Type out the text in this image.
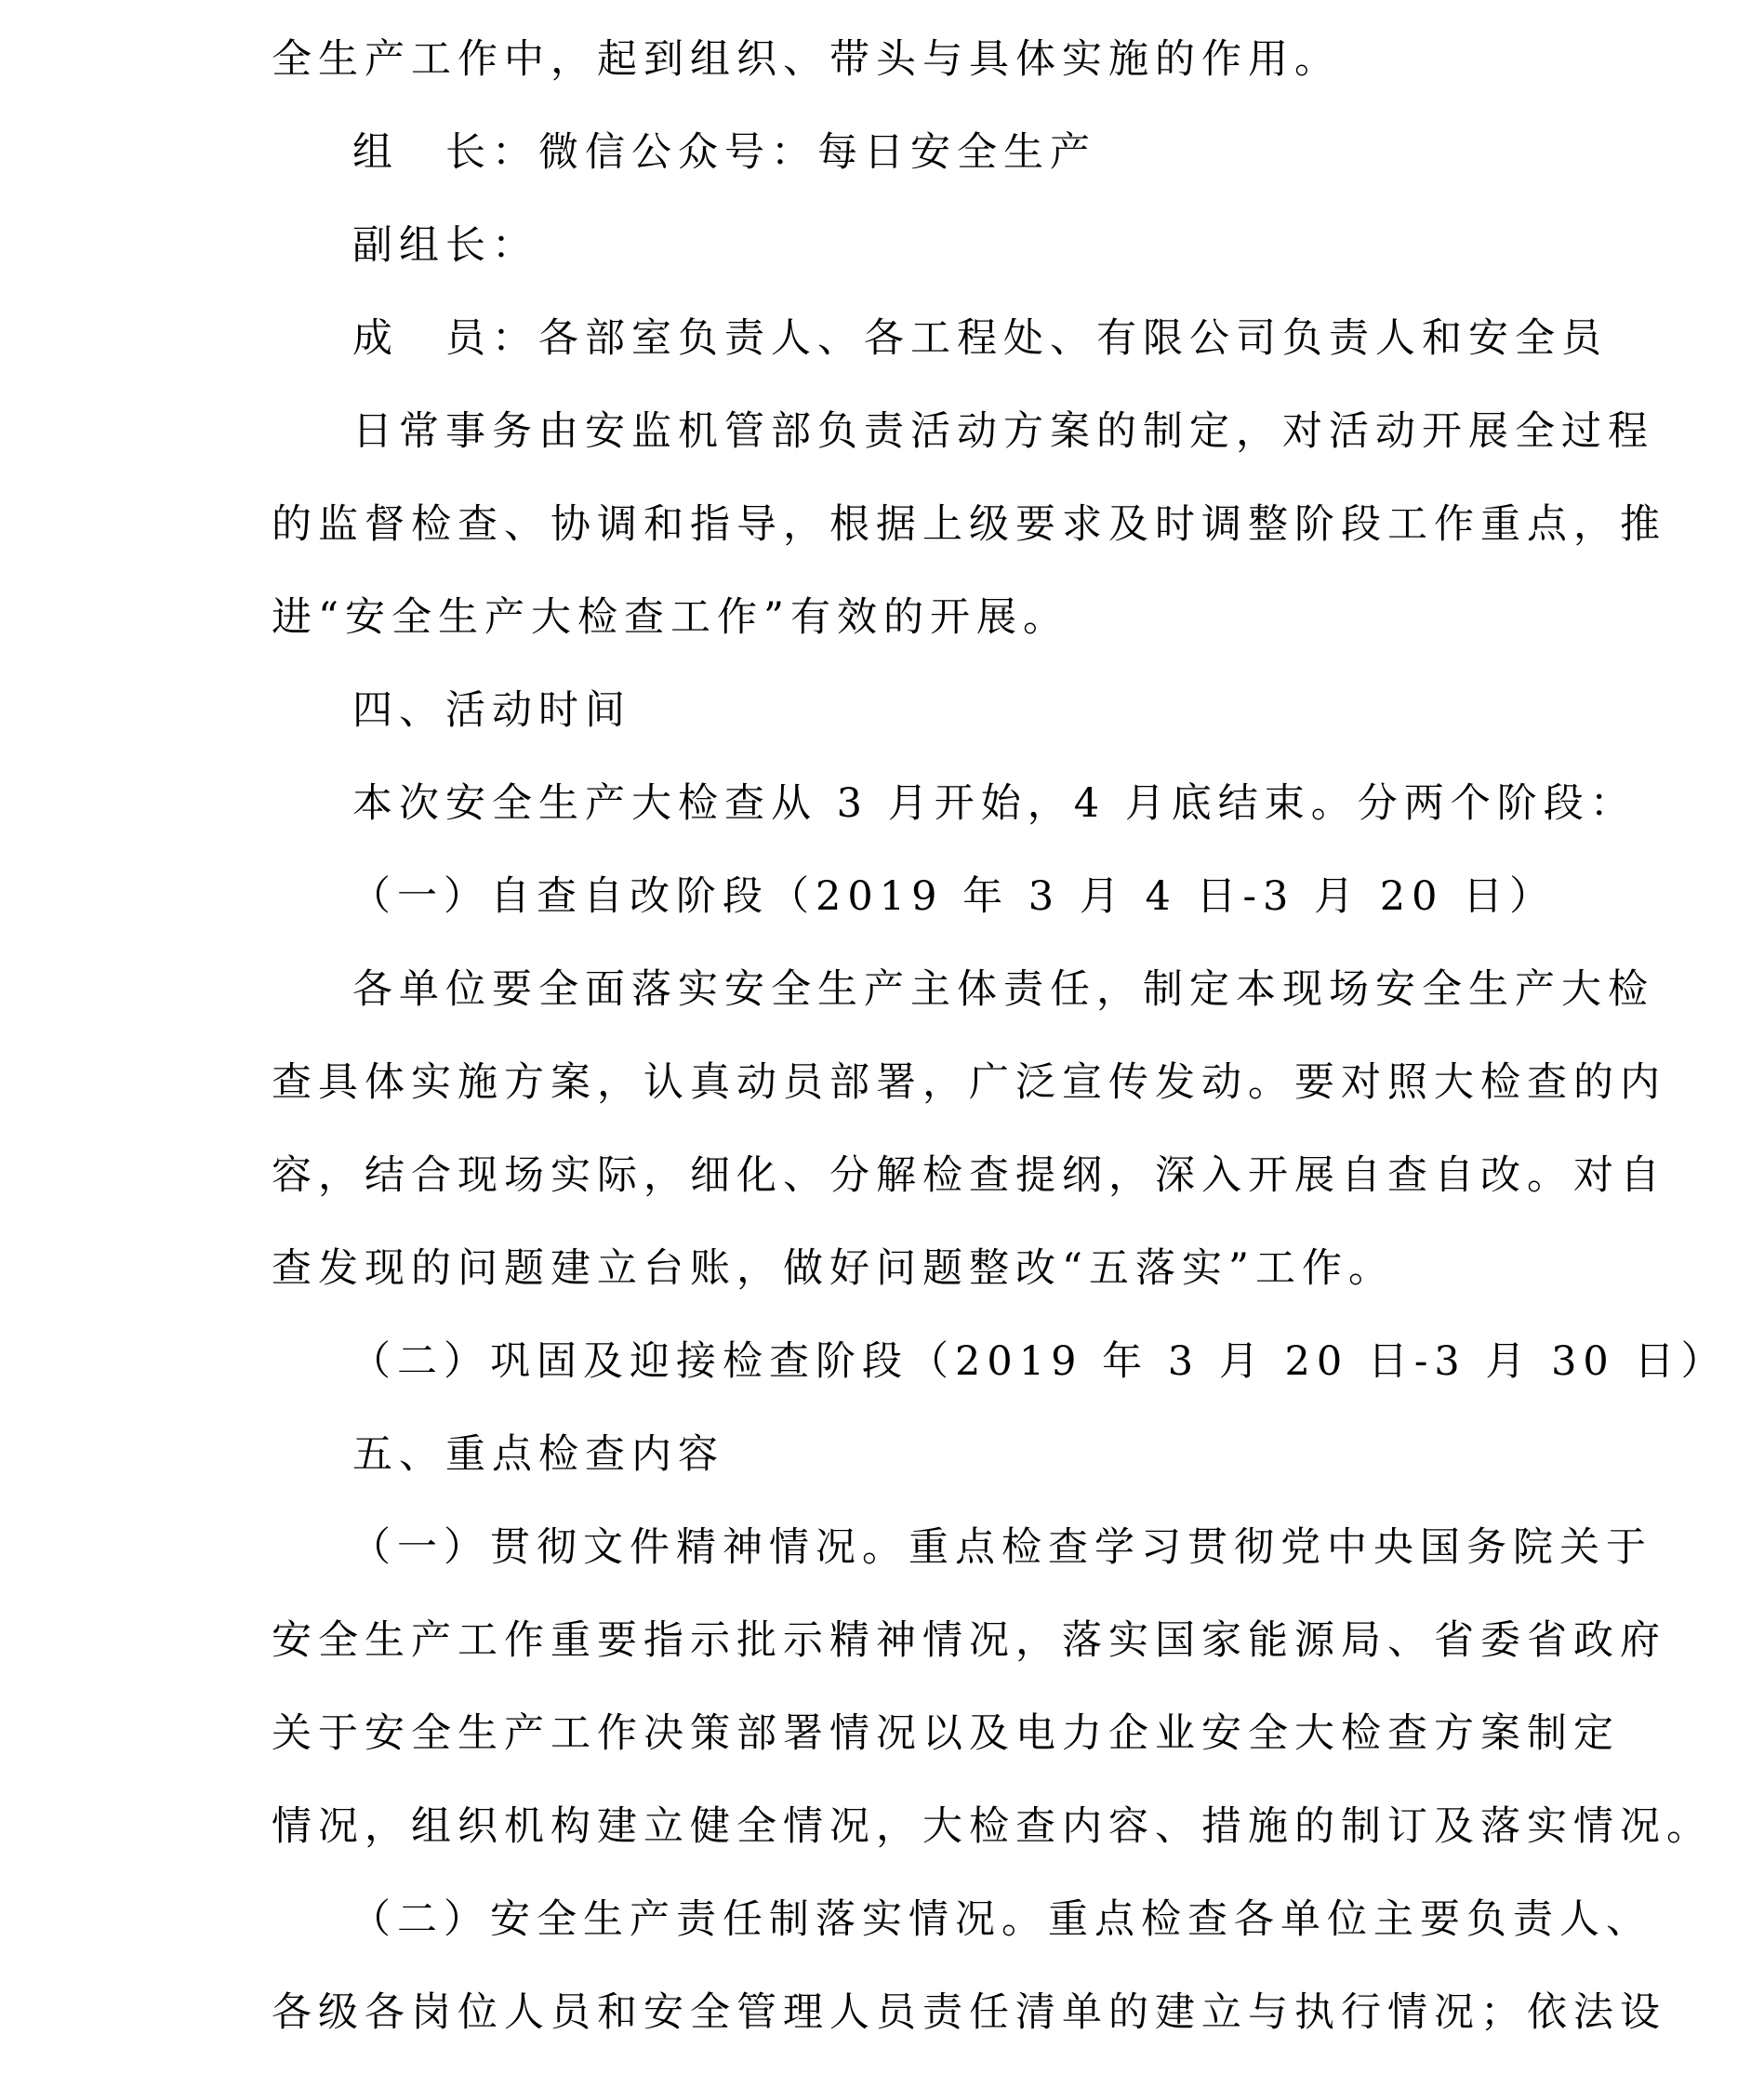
全生产工作中，起到组织、带头与具体实施的作用。
组　长：微信公众号：每日安全生产
副组长：
成　员：各部室负责人、各工程处、有限公司负责人和安全员
日常事务由安监机管部负责活动方案的制定，对活动开展全过程
的监督检查、协调和指导，根据上级要求及时调整阶段工作重点，推
进“安全生产大检查工作”有效的开展。
四、活动时间
本次安全生产大检查从 3 月开始，4 月底结束。分两个阶段：
（一）自查自改阶段（2019 年 3 月 4 日-3 月 20 日）
各单位要全面落实安全生产主体责任，制定本现场安全生产大检
查具体实施方案，认真动员部署，广泛宣传发动。要对照大检查的内
容，结合现场实际，细化、分解检查提纲，深入开展自查自改。对自
查发现的问题建立台账，做好问题整改“五落实”工作。
（二）巩固及迎接检查阶段（2019 年 3 月 20 日-3 月 30 日）
五、重点检查内容
（一）贯彻文件精神情况。重点检查学习贯彻党中央国务院关于
安全生产工作重要指示批示精神情况，落实国家能源局、省委省政府
关于安全生产工作决策部署情况以及电力企业安全大检查方案制定
情况，组织机构建立健全情况，大检查内容、措施的制订及落实情况。
（二）安全生产责任制落实情况。重点检查各单位主要负责人、
各级各岗位人员和安全管理人员责任清单的建立与执行情况；依法设
